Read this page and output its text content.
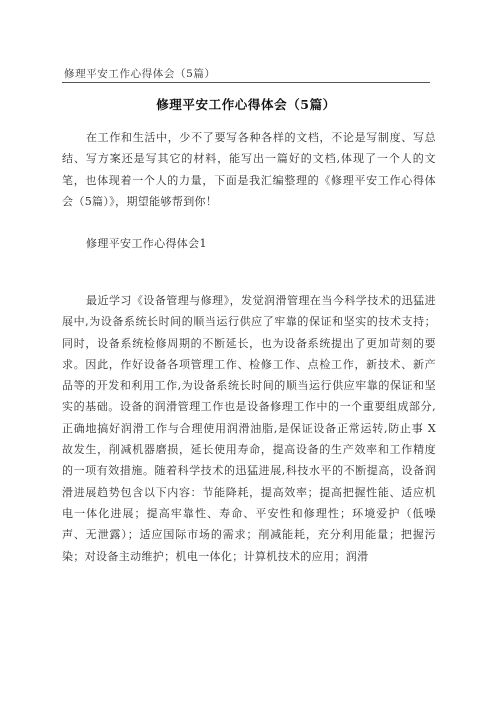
修理平安工作心得体会（5篇）
修理平安工作心得体会（5篇）

在工作和生活中，少不了要写各种各样的文档，不论是写制度、写总结、写方案还是写其它的材料，能写出一篇好的文档,体现了一个人的文笔，也体现着一个人的力量，下面是我汇编整理的《修理平安工作心得体会（5篇）》，期望能够帮到你！

修理平安工作心得体会1

最近学习《设备管理与修理》，发觉润滑管理在当今科学技术的迅猛进展中,为设备系统长时间的顺当运行供应了牢靠的保证和坚实的技术支持；同时，设备系统检修周期的不断延长，也为设备系统提出了更加苛刻的要求。因此，作好设备各项管理工作、检修工作、点检工作，新技术、新产品等的开发和利用工作,为设备系统长时间的顺当运行供应牢靠的保证和坚实的基础。设备的润滑管理工作也是设备修理工作中的一个重要组成部分,正确地搞好润滑工作与合理使用润滑油脂,是保证设备正常运转,防止事 X 故发生，削减机器磨损，延长使用寿命，提高设备的生产效率和工作精度的一项有效措施。随着科学技术的迅猛进展,科技水平的不断提高，设备润滑进展趋势包含以下内容：节能降耗，提高效率；提高把握性能、适应机电一体化进展；提高牢靠性、寿命、平安性和修理性；环境爱护（低噪声、无泄露）；适应国际市场的需求；削减能耗，充分利用能量；把握污染；对设备主动维护；机电一体化；计算机技术的应用；润滑
